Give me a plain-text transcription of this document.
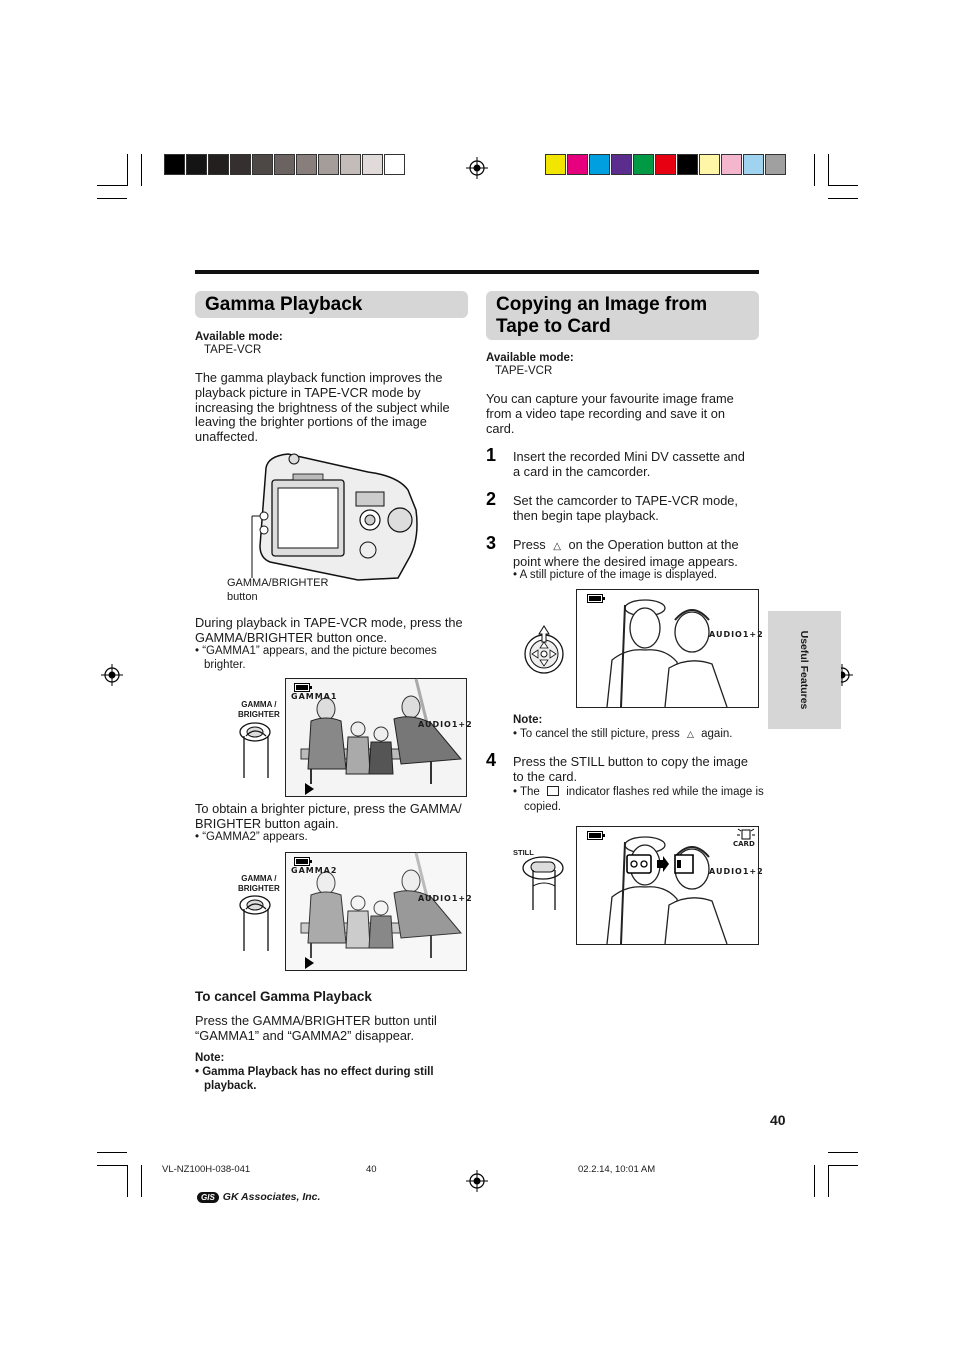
Gamma Playback
Available mode:
TAPE-VCR
The gamma playback function improves the playback picture in TAPE-VCR mode by increasing the brightness of the subject while leaving the brighter portions of the image unaffected.
GAMMA/BRIGHTER
button
During playback in TAPE-VCR mode, press the GAMMA/BRIGHTER button once.
• “GAMMA1” appears, and the picture becomes brighter.
GAMMA /
BRIGHTER
GAMMA1
AUDIO1+2
To obtain a brighter picture, press the GAMMA/ BRIGHTER button again.
• “GAMMA2” appears.
GAMMA /
BRIGHTER
GAMMA2
AUDIO1+2
To cancel Gamma Playback
Press the GAMMA/BRIGHTER button until “GAMMA1” and “GAMMA2” disappear.
Note:
• Gamma Playback has no effect during still playback.
Copying an Image from
Tape to Card
Available mode:
TAPE-VCR
You can capture your favourite image frame from a video tape recording and save it on card.
1 Insert the recorded Mini DV cassette and a card in the camcorder.
2 Set the camcorder to TAPE-VCR mode, then begin tape playback.
3 Press △ on the Operation button at the point where the desired image appears.
• A still picture of the image is displayed.
AUDIO1+2
Note:
• To cancel the still picture, press △ again.
4 Press the STILL button to copy the image to the card.
• The indicator flashes red while the image is copied.
STILL
CARD
AUDIO1+2
Useful Features
40
VL-NZ100H-038-041	40	02.2.14, 10:01 AM
GIS GK Associates, Inc.
